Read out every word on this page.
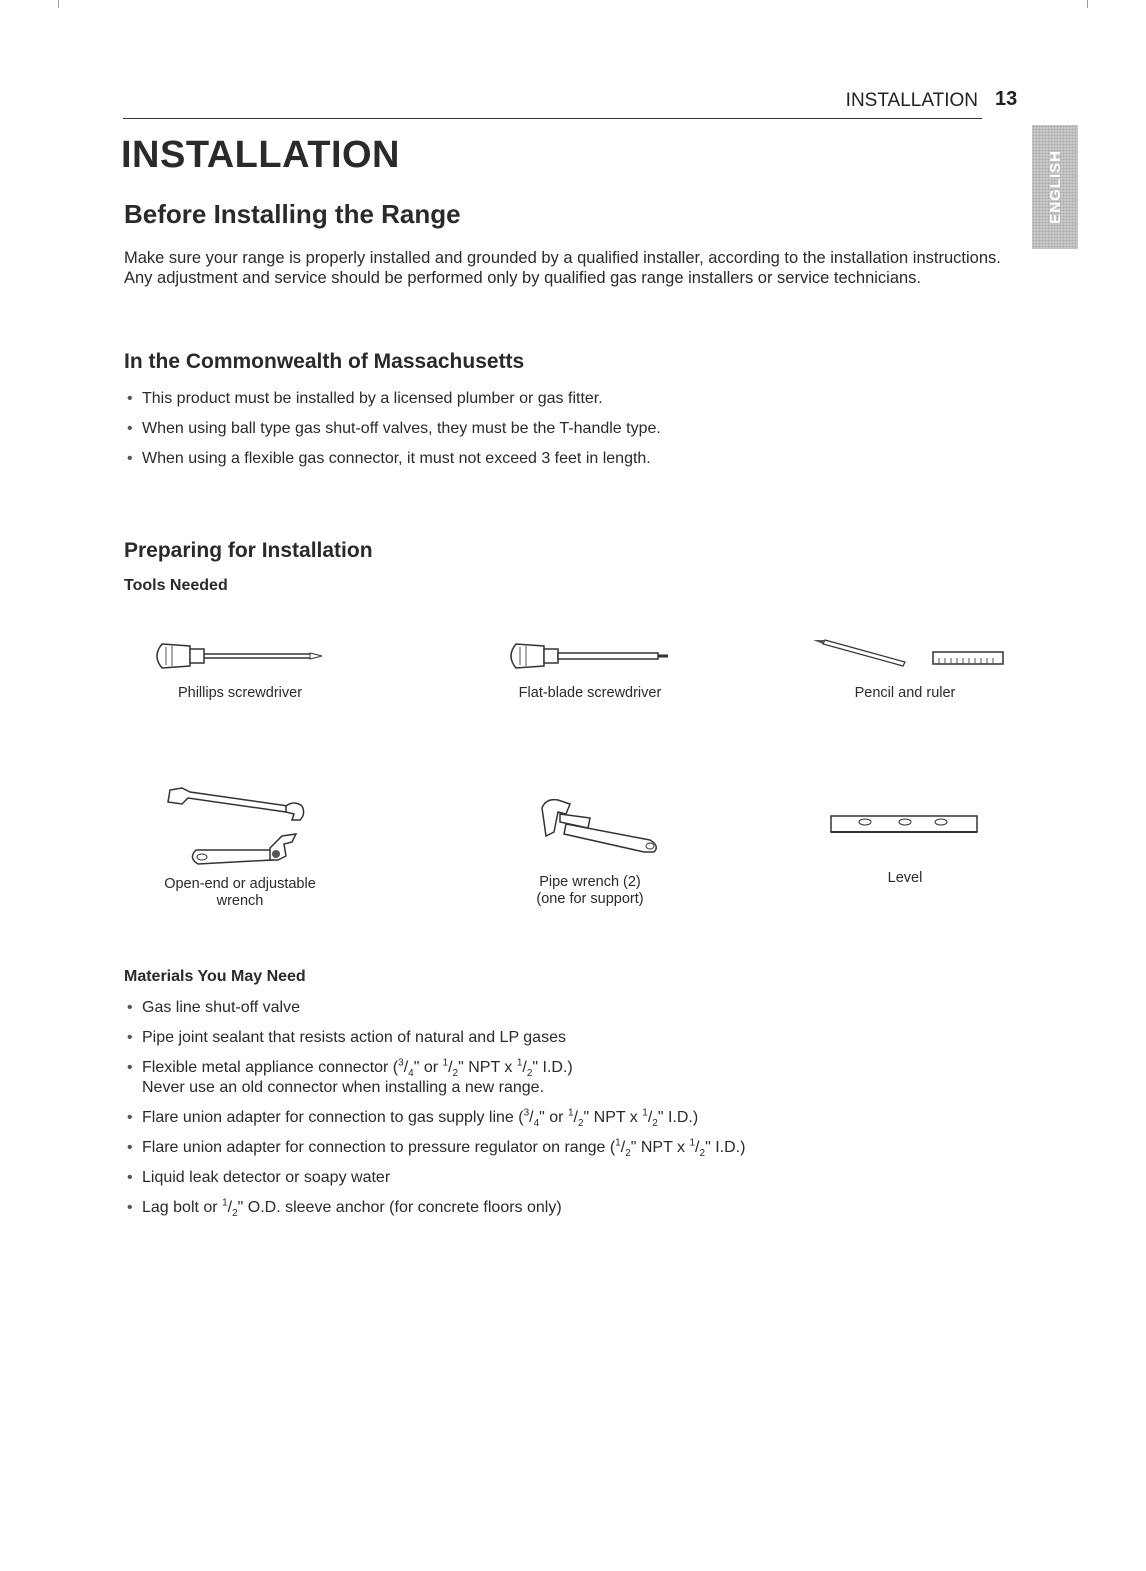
INSTALLATION 13
ENGLISH
INSTALLATION
Before Installing the Range

Make sure your range is properly installed and grounded by a qualified installer, according to the installation instructions. Any adjustment and service should be performed only by qualified gas range installers or service technicians.

In the Commonwealth of Massachusetts
• This product must be installed by a licensed plumber or gas fitter.
• When using ball type gas shut-off valves, they must be the T-handle type.
• When using a flexible gas connector, it must not exceed 3 feet in length.
Preparing for Installation

Tools Needed

Phillips screwdriver	Flat-blade screwdriver	Pencil and ruler
Open-end or adjustable
wrench
Pipe wrench (2)
(one for support)
Level

Materials You May Need

• Gas line shut-off valve
• Pipe joint sealant that resists action of natural and LP gases
• Flexible metal appliance connector ($^3/_4$" or $^1/_2$" NPT x $^1/_2$" I.D.)
Never use an old connector when installing a new range.
• Flare union adapter for connection to gas supply line ($^3/_4$" or $^1/_2$" NPT x $^1/_2$" I.D.)
• Flare union adapter for connection to pressure regulator on range ($^1/_2$" NPT x $^1/_2$" I.D.)
• Liquid leak detector or soapy water
• Lag bolt or $^1/_2$" O.D. sleeve anchor (for concrete floors only)
